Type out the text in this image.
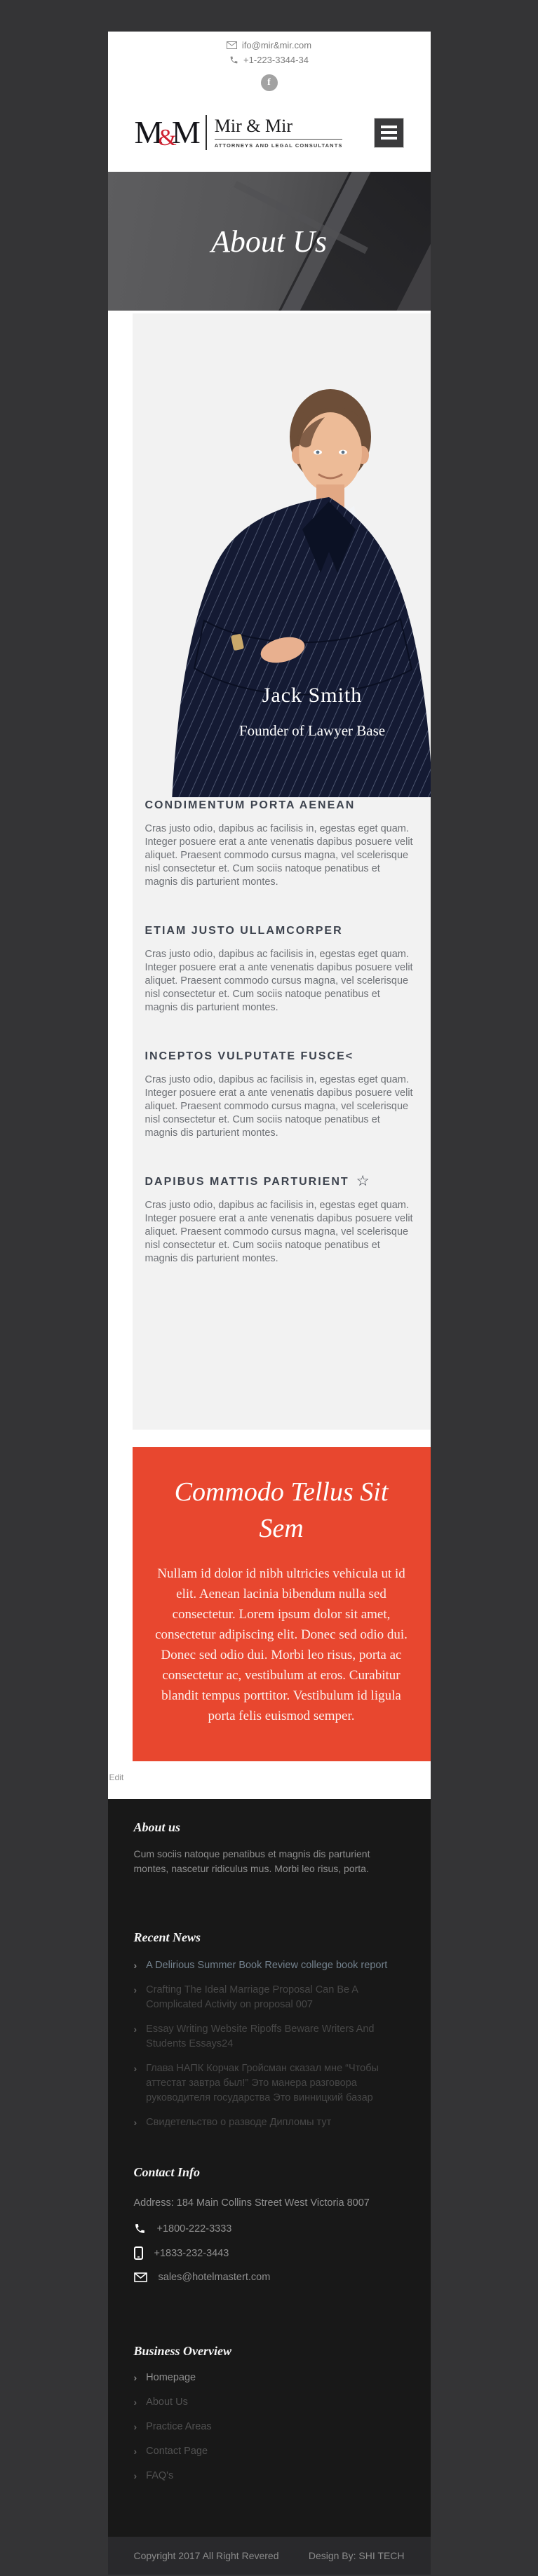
ifo@mir&mir.com
+1-223-3344-34
f
M&M Mir & Mir
ATTORNEYS AND LEGAL CONSULTANTS
About Us
Jack Smith
Founder of Lawyer Base
CONDIMENTUM PORTA AENEAN

Cras justo odio, dapibus ac facilisis in, egestas eget quam. Integer posuere erat a ante venenatis dapibus posuere velit aliquet. Praesent commodo cursus magna, vel scelerisque nisl consectetur et. Cum sociis natoque penatibus et magnis dis parturient montes.

ETIAM JUSTO ULLAMCORPER

Cras justo odio, dapibus ac facilisis in, egestas eget quam. Integer posuere erat a ante venenatis dapibus posuere velit aliquet. Praesent commodo cursus magna, vel scelerisque nisl consectetur et. Cum sociis natoque penatibus et magnis dis parturient montes.

INCEPTOS VULPUTATE FUSCE<

Cras justo odio, dapibus ac facilisis in, egestas eget quam. Integer posuere erat a ante venenatis dapibus posuere velit aliquet. Praesent commodo cursus magna, vel scelerisque nisl consectetur et. Cum sociis natoque penatibus et magnis dis parturient montes.

DAPIBUS MATTIS PARTURIENT ☆

Cras justo odio, dapibus ac facilisis in, egestas eget quam. Integer posuere erat a ante venenatis dapibus posuere velit aliquet. Praesent commodo cursus magna, vel scelerisque nisl consectetur et. Cum sociis natoque penatibus et magnis dis parturient montes.

Commodo Tellus Sit Sem

Nullam id dolor id nibh ultricies vehicula ut id elit. Aenean lacinia bibendum nulla sed consectetur. Lorem ipsum dolor sit amet, consectetur adipiscing elit. Donec sed odio dui. Donec sed odio dui. Morbi leo risus, porta ac consectetur ac, vestibulum at eros. Curabitur blandit tempus porttitor. Vestibulum id ligula porta felis euismod semper.

Edit
About us

Cum sociis natoque penatibus et magnis dis parturient montes, nascetur ridiculus mus. Morbi leo risus, porta.

Recent News
› A Delirious Summer Book Review college book report
› Crafting The Ideal Marriage Proposal Can Be A Complicated Activity on proposal 007
› Essay Writing Website Ripoffs Beware Writers And Students Essays24
› Глава НАПК Корчак Гройсман сказал мне “Чтобы аттестат завтра был!” Это манера разговора руководителя государства Это винницкий базар
› Свидетельство о разводе Дипломы тут
Contact Info
Address: 184 Main Collins Street West Victoria 8007
+1800-222-3333
+1833-232-3443
sales@hotelmastert.com
Business Overview
› Homepage
› About Us
› Practice Areas
› Contact Page
› FAQ's
Copyright 2017 All Right Revered	Design By: SHI TECH
